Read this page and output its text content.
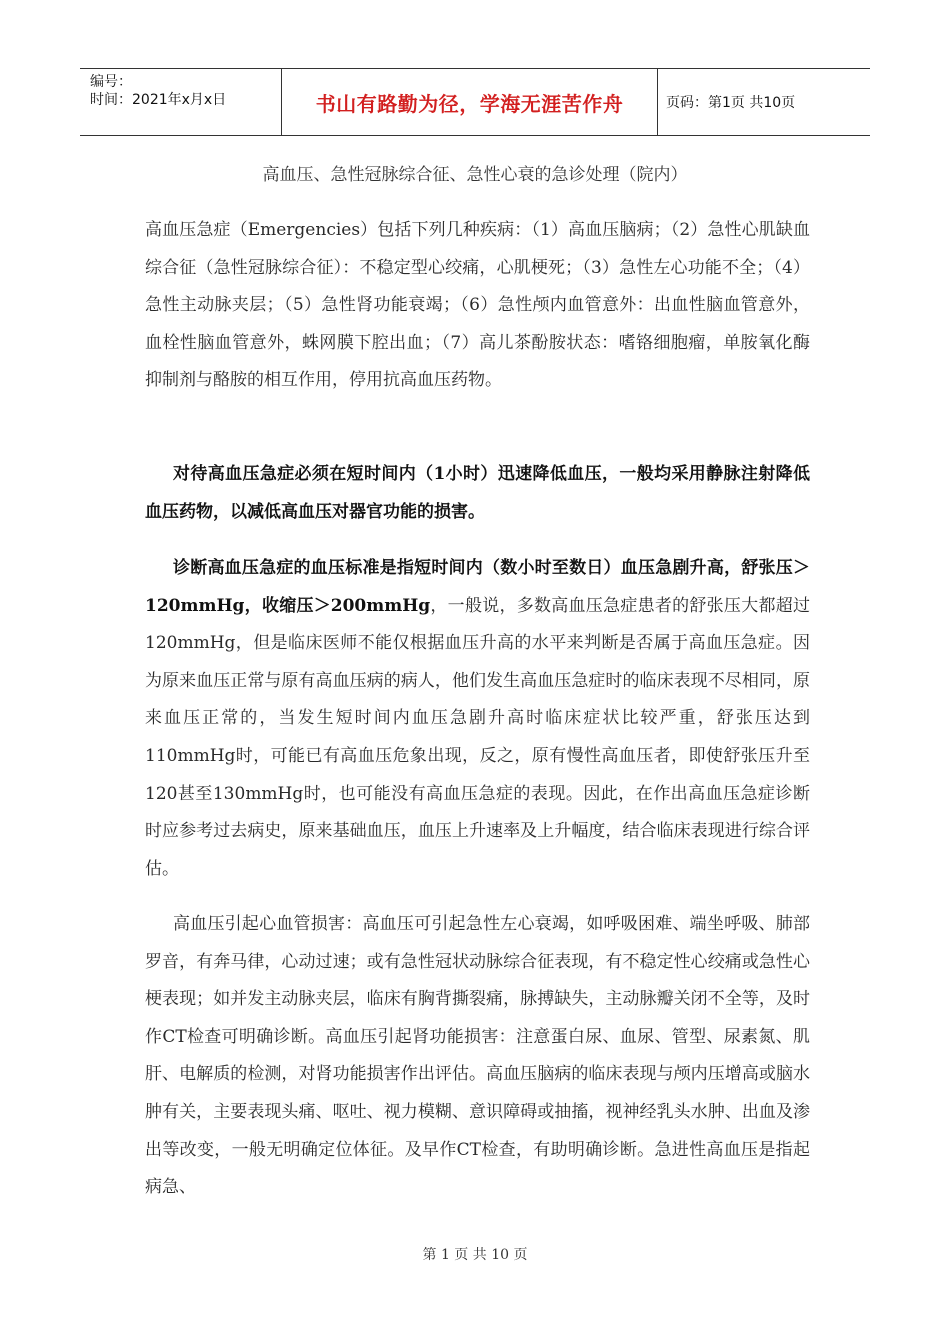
编号：
时间：2021年x月x日	书山有路勤为径，学海无涯苦作舟	页码：第1页 共10页
高血压、急性冠脉综合征、急性心衰的急诊处理（院内）

高血压急症（Emergencies）包括下列几种疾病：（1）高血压脑病；（2）急性心肌缺血综合征（急性冠脉综合征）：不稳定型心绞痛，心肌梗死；（3）急性左心功能不全；（4）急性主动脉夹层；（5）急性肾功能衰竭；（6）急性颅内血管意外：出血性脑血管意外，血栓性脑血管意外，蛛网膜下腔出血；（7）高儿茶酚胺状态：嗜铬细胞瘤，单胺氧化酶抑制剂与酪胺的相互作用，停用抗高血压药物。

对待高血压急症必须在短时间内（1小时）迅速降低血压，一般均采用静脉注射降低血压药物，以减低高血压对器官功能的损害。

诊断高血压急症的血压标准是指短时间内（数小时至数日）血压急剧升高，舒张压＞120mmHg，收缩压＞200mmHg，一般说，多数高血压急症患者的舒张压大都超过120mmHg，但是临床医师不能仅根据血压升高的水平来判断是否属于高血压急症。因为原来血压正常与原有高血压病的病人，他们发生高血压急症时的临床表现不尽相同，原来血压正常的，当发生短时间内血压急剧升高时临床症状比较严重，舒张压达到110mmHg时，可能已有高血压危象出现，反之，原有慢性高血压者，即使舒张压升至120甚至130mmHg时，也可能没有高血压急症的表现。因此，在作出高血压急症诊断时应参考过去病史，原来基础血压，血压上升速率及上升幅度，结合临床表现进行综合评估。

高血压引起心血管损害：高血压可引起急性左心衰竭，如呼吸困难、端坐呼吸、肺部罗音，有奔马律，心动过速；或有急性冠状动脉综合征表现，有不稳定性心绞痛或急性心梗表现；如并发主动脉夹层，临床有胸背撕裂痛，脉搏缺失，主动脉瓣关闭不全等，及时作CT检查可明确诊断。高血压引起肾功能损害：注意蛋白尿、血尿、管型、尿素氮、肌肝、电解质的检测，对肾功能损害作出评估。高血压脑病的临床表现与颅内压增高或脑水肿有关，主要表现头痛、呕吐、视力模糊、意识障碍或抽搐，视神经乳头水肿、出血及渗出等改变，一般无明确定位体征。及早作CT检查，有助明确诊断。急进性高血压是指起病急、

第 1 页 共 10 页
